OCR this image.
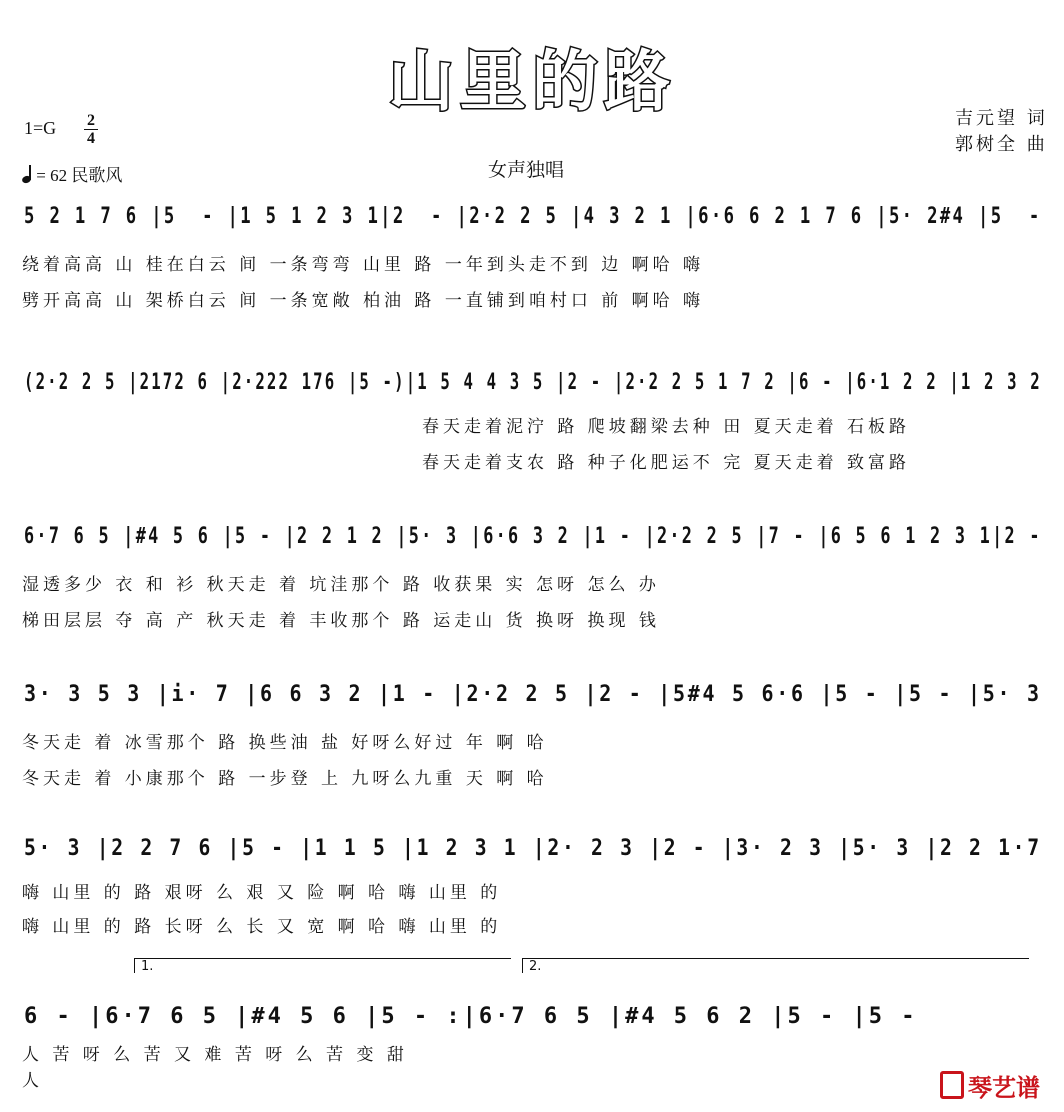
山里的路
1=G 2
4
= 62 民歌风	女声独唱
吉元望 词
郭树全 曲
5 2 1 7 6 |5  - |1 5 1 2 3 1|2  - |2·2 2 5 |4 3 2 1 |6·6 6 2 1 7 6 |5· 2#4 |5  -
绕着高高 山 桂在白云 间 一条弯弯 山里 路 一年到头走不到 边 啊哈 嗨
劈开高高 山 架桥白云 间 一条宽敞 柏油 路 一直铺到咱村口 前 啊哈 嗨
(2·2 2 5 |2172 6 |2·222 176 |5 -)|1 5 4 4 3 5 |2 - |2·2 2 5 1 7 2 |6 - |6·1 2 2 |1 2 3 2
春天走着泥泞 路 爬坡翻梁去种 田 夏天走着 石板路
春天走着支农 路 种子化肥运不 完 夏天走着 致富路
6·7 6 5 |#4 5 6 |5 - |2 2 1 2 |5· 3 |6·6 3 2 |1 - |2·2 2 5 |7 - |6 5 6 1 2 3 1|2 -
湿透多少 衣 和 衫 秋天走 着 坑洼那个 路 收获果 实 怎呀 怎么 办
梯田层层 夺 高 产 秋天走 着 丰收那个 路 运走山 货 换呀 换现 钱
3· 3 5 3 |i· 7 |6 6 3 2 |1 - |2·2 2 5 |2 - |5#4 5 6·6 |5 - |5 - |5· 3
冬天走 着 冰雪那个 路 换些油 盐 好呀么好过 年 啊 哈
冬天走 着 小康那个 路 一步登 上 九呀么九重 天 啊 哈
5· 3 |2 2 7 6 |5 - |1 1 5 |1 2 3 1 |2· 2 3 |2 - |3· 2 3 |5· 3 |2 2 1·7
嗨 山里 的 路 艰呀 么 艰 又 险 啊 哈 嗨 山里 的
嗨 山里 的 路 长呀 么 长 又 宽 啊 哈 嗨 山里 的
1.	2.
6 - |6·7 6 5 |#4 5 6 |5 - :|6·7 6 5 |#4 5 6 2 |5 - |5 -
人 苦 呀 么 苦 又 难 苦 呀 么 苦 变 甜
人	琴艺谱
